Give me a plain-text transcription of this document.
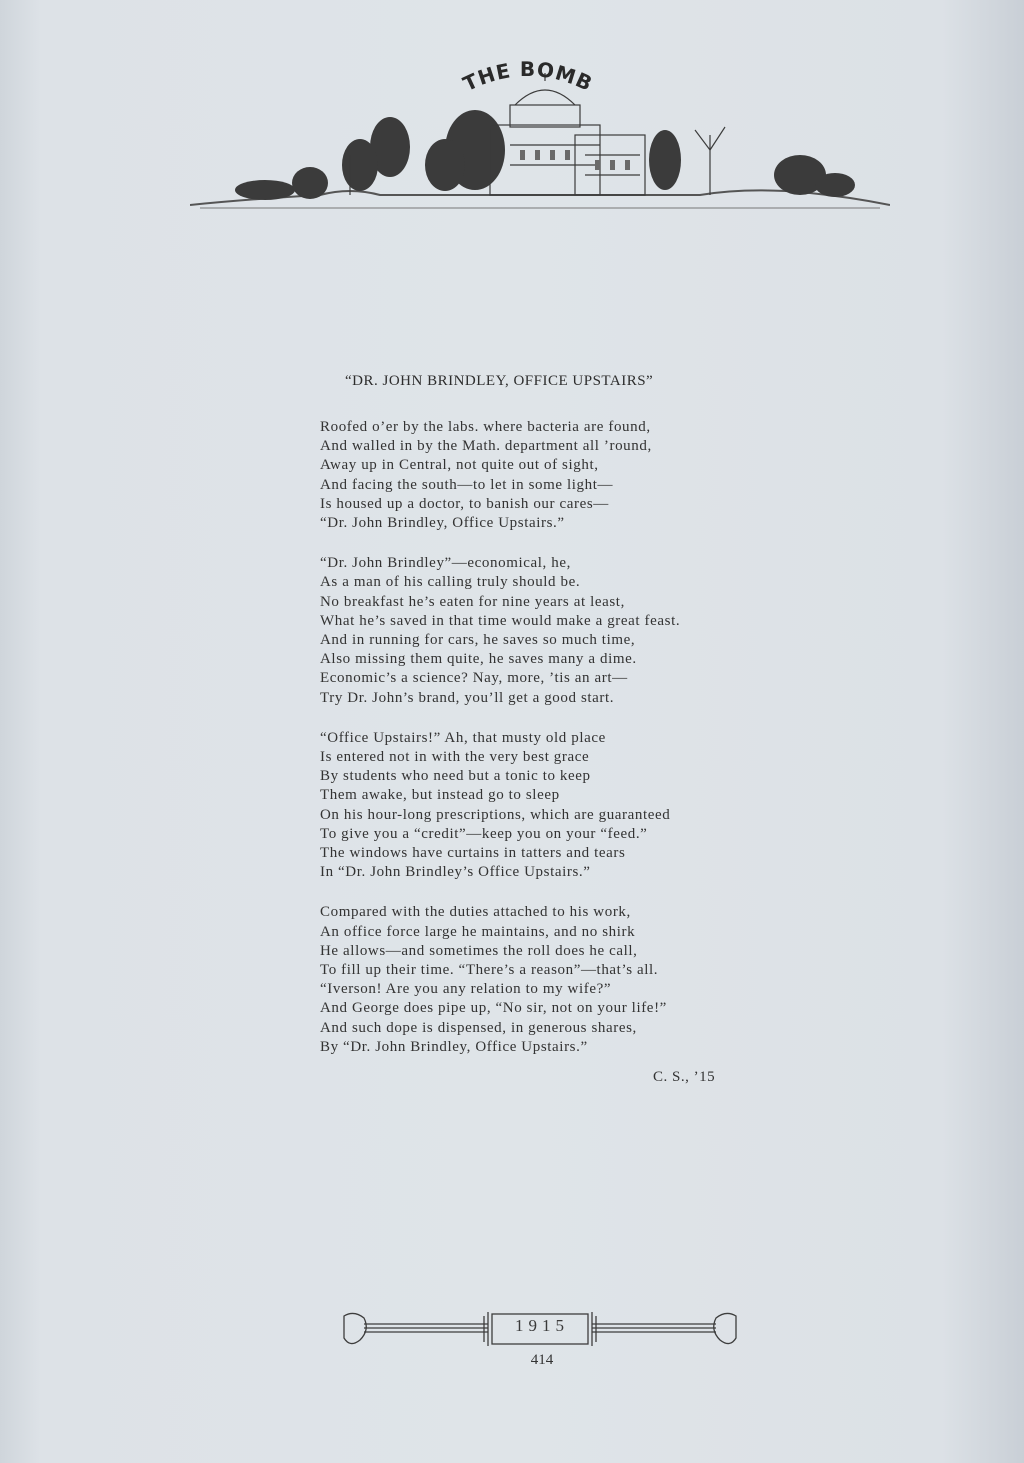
THE BOMB
“DR. JOHN BRINDLEY, OFFICE UPSTAIRS”
Roofed o’er by the labs. where bacteria are found,
And walled in by the Math. department all ’round,
Away up in Central, not quite out of sight,
And facing the south—to let in some light—
Is housed up a doctor, to banish our cares—
“Dr. John Brindley, Office Upstairs.”
“Dr. John Brindley”—economical, he,
As a man of his calling truly should be.
No breakfast he’s eaten for nine years at least,
What he’s saved in that time would make a great feast.
And in running for cars, he saves so much time,
Also missing them quite, he saves many a dime.
Economic’s a science? Nay, more, ’tis an art—
Try Dr. John’s brand, you’ll get a good start.
“Office Upstairs!” Ah, that musty old place
Is entered not in with the very best grace
By students who need but a tonic to keep
Them awake, but instead go to sleep
On his hour-long prescriptions, which are guaranteed
To give you a “credit”—keep you on your “feed.”
The windows have curtains in tatters and tears
In “Dr. John Brindley’s Office Upstairs.”
Compared with the duties attached to his work,
An office force large he maintains, and no shirk
He allows—and sometimes the roll does he call,
To fill up their time. “There’s a reason”—that’s all.
“Iverson! Are you any relation to my wife?”
And George does pipe up, “No sir, not on your life!”
And such dope is dispensed, in generous shares,
By “Dr. John Brindley, Office Upstairs.”
C. S., ’15
1915
414
